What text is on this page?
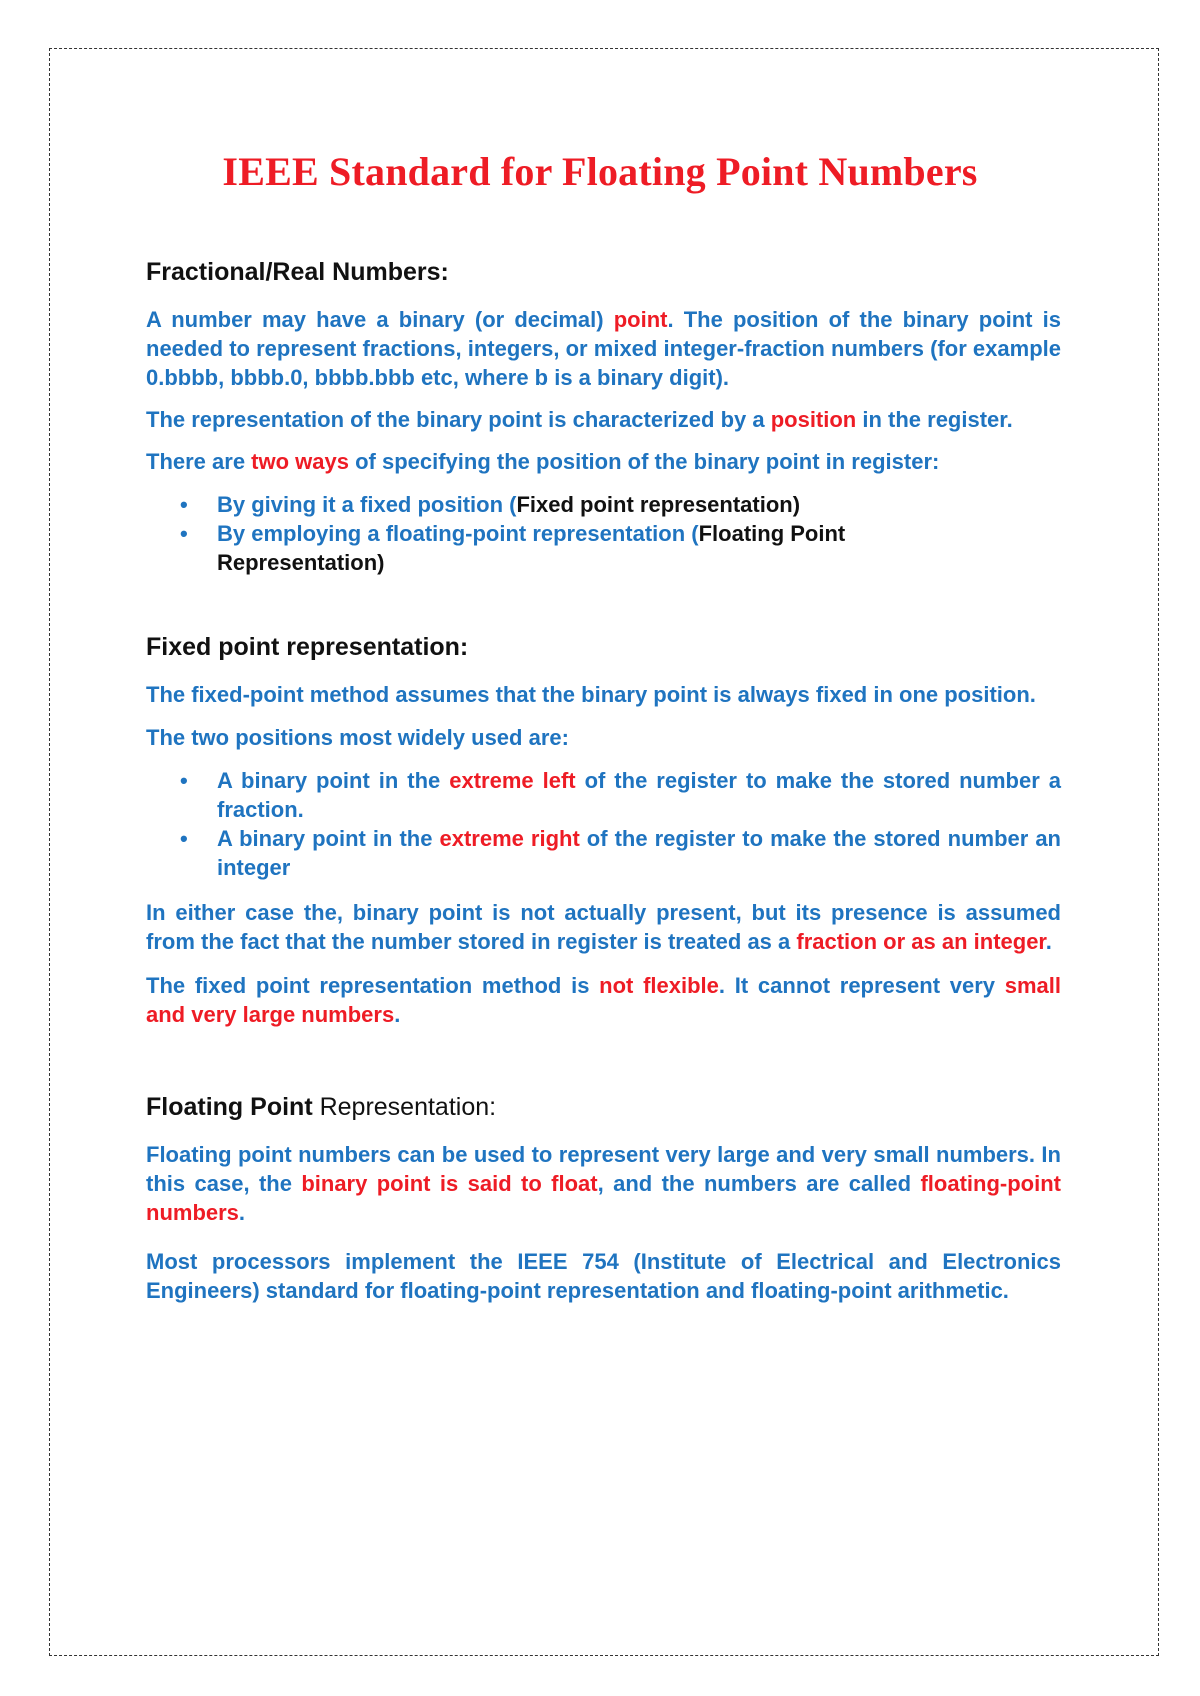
IEEE Standard for Floating Point Numbers
Fractional/Real Numbers:

A number may have a binary (or decimal) point. The position of the binary point is needed to represent fractions, integers, or mixed integer-fraction numbers (for example 0.bbbb, bbbb.0, bbbb.bbb etc, where b is a binary digit).

The representation of the binary point is characterized by a position in the register.

There are two ways of specifying the position of the binary point in register:

• By giving it a fixed position (Fixed point representation)
• By employing a floating-point representation (Floating Point Representation)
Fixed point representation:

The fixed-point method assumes that the binary point is always fixed in one position.

The two positions most widely used are:

• A binary point in the extreme left of the register to make the stored number a fraction.
• A binary point in the extreme right of the register to make the stored number an integer

In either case the, binary point is not actually present, but its presence is assumed from the fact that the number stored in register is treated as a fraction or as an integer.

The fixed point representation method is not flexible. It cannot represent very small and very large numbers.

Floating Point Representation:

Floating point numbers can be used to represent very large and very small numbers. In this case, the binary point is said to float, and the numbers are called floating-point numbers.

Most processors implement the IEEE 754 (Institute of Electrical and Electronics Engineers) standard for floating-point representation and floating-point arithmetic.
